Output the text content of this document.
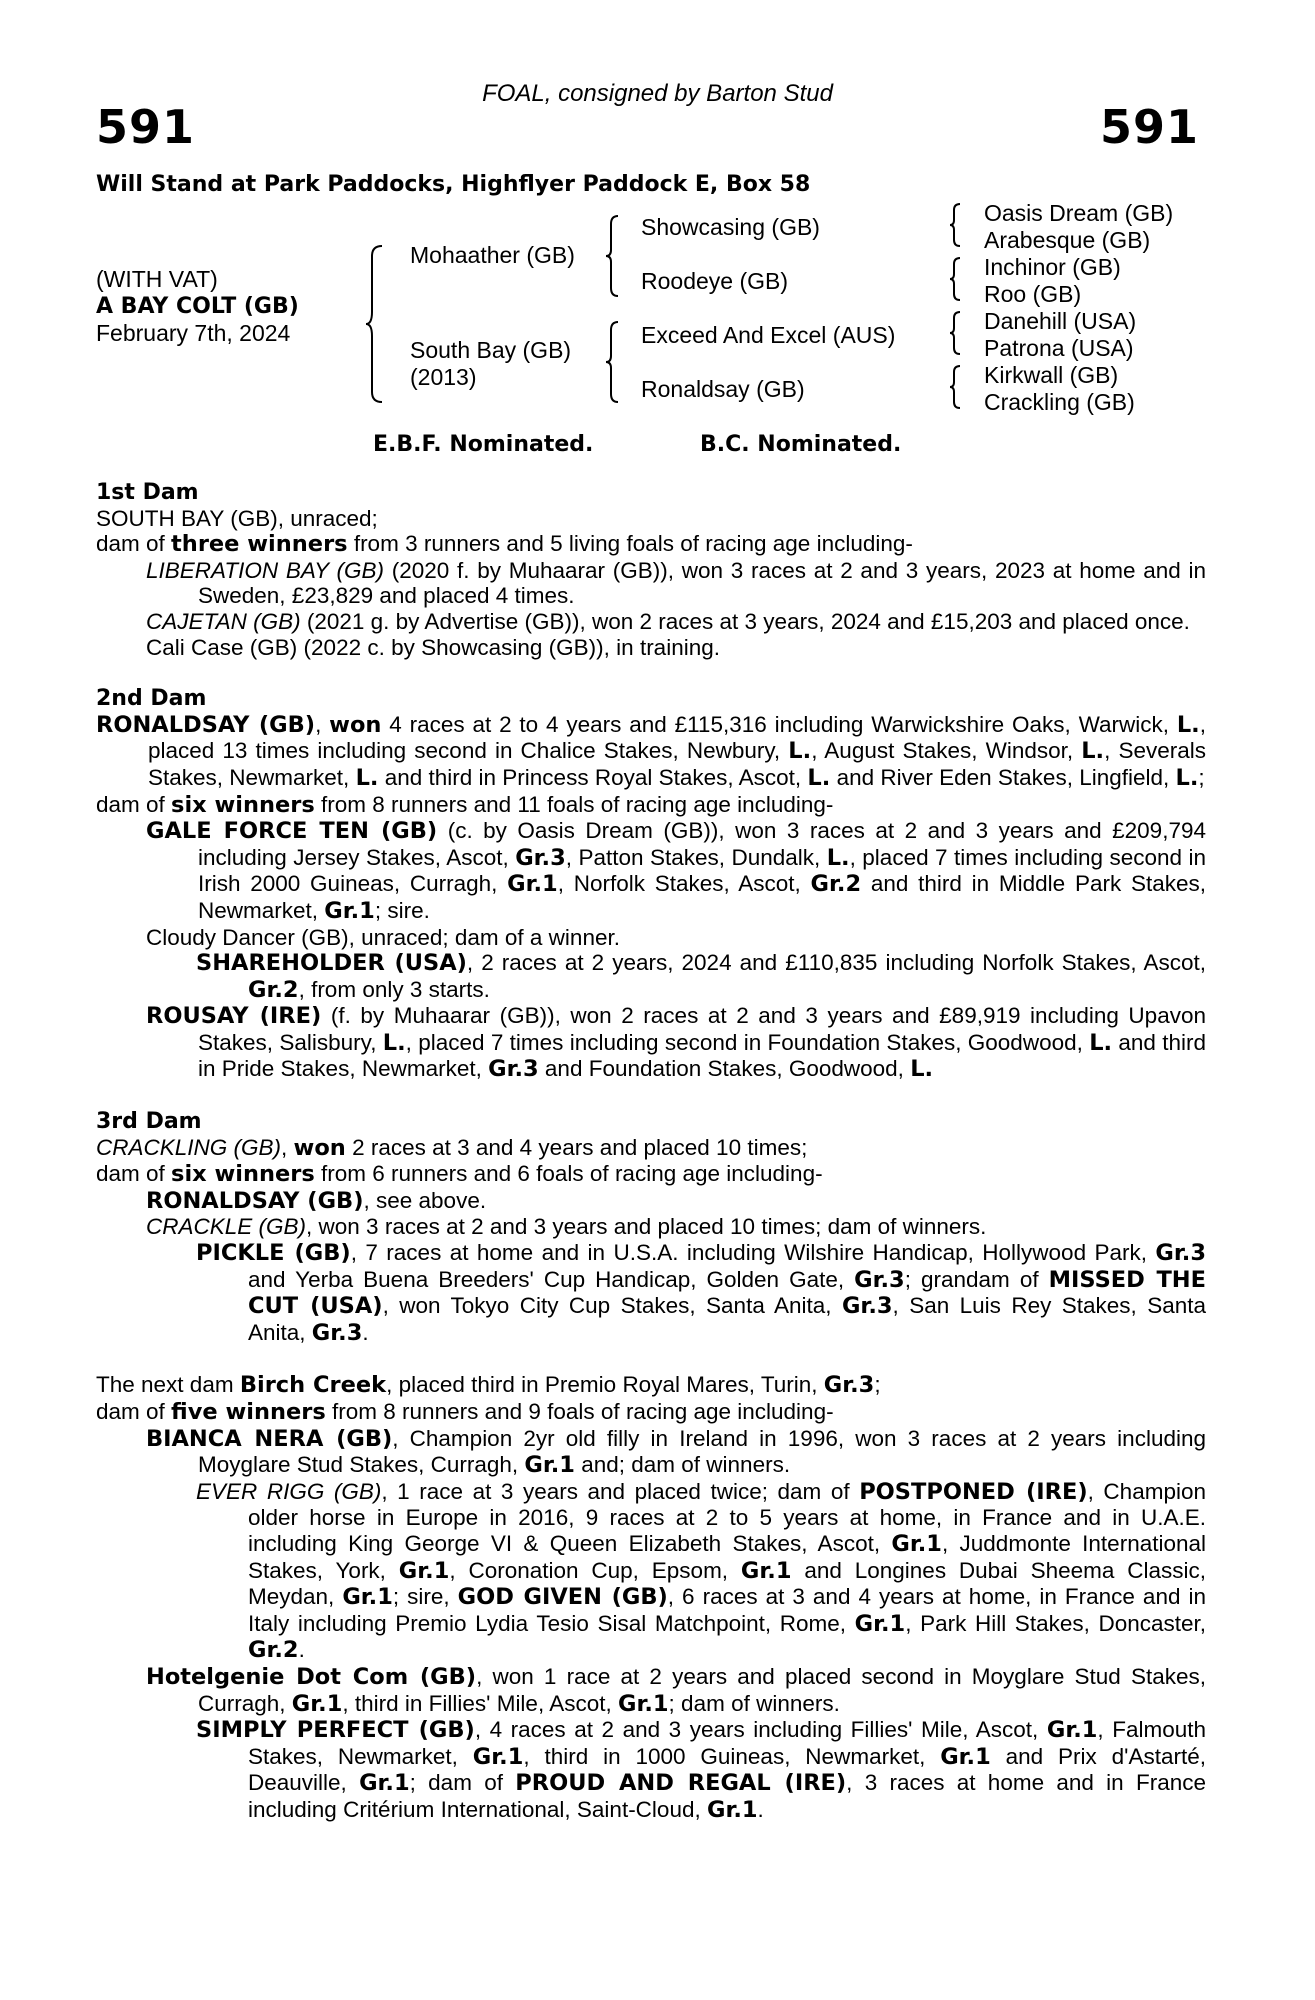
591	591
FOAL, consigned by Barton Stud
Will Stand at Park Paddocks, Highflyer Paddock E, Box 58
(WITH VAT)
A BAY COLT (GB)
February 7th, 2024
Mohaather (GB)
South Bay (GB)
(2013)
Showcasing (GB)
Roodeye (GB)
Exceed And Excel (AUS)
Ronaldsay (GB)
Oasis Dream (GB)
Arabesque (GB)
Inchinor (GB)
Roo (GB)
Danehill (USA)
Patrona (USA)
Kirkwall (GB)
Crackling (GB)
E.B.F. Nominated.	B.C. Nominated.
1st Dam
SOUTH BAY (GB), unraced;
dam of three winners from 3 runners and 5 living foals of racing age including-
LIBERATION BAY (GB) (2020 f. by Muhaarar (GB)), won 3 races at 2 and 3 years, 2023 at home and in Sweden, £23,829 and placed 4 times.
CAJETAN (GB) (2021 g. by Advertise (GB)), won 2 races at 3 years, 2024 and £15,203 and placed once.
Cali Case (GB) (2022 c. by Showcasing (GB)), in training.
2nd Dam
RONALDSAY (GB), won 4 races at 2 to 4 years and £115,316 including Warwickshire Oaks, Warwick, L., placed 13 times including second in Chalice Stakes, Newbury, L., August Stakes, Windsor, L., Severals Stakes, Newmarket, L. and third in Princess Royal Stakes, Ascot, L. and River Eden Stakes, Lingfield, L.;
dam of six winners from 8 runners and 11 foals of racing age including-
GALE FORCE TEN (GB) (c. by Oasis Dream (GB)), won 3 races at 2 and 3 years and £209,794 including Jersey Stakes, Ascot, Gr.3, Patton Stakes, Dundalk, L., placed 7 times including second in Irish 2000 Guineas, Curragh, Gr.1, Norfolk Stakes, Ascot, Gr.2 and third in Middle Park Stakes, Newmarket, Gr.1; sire.
Cloudy Dancer (GB), unraced; dam of a winner.
SHAREHOLDER (USA), 2 races at 2 years, 2024 and £110,835 including Norfolk Stakes, Ascot, Gr.2, from only 3 starts.
ROUSAY (IRE) (f. by Muhaarar (GB)), won 2 races at 2 and 3 years and £89,919 including Upavon Stakes, Salisbury, L., placed 7 times including second in Foundation Stakes, Goodwood, L. and third in Pride Stakes, Newmarket, Gr.3 and Foundation Stakes, Goodwood, L.
3rd Dam
CRACKLING (GB), won 2 races at 3 and 4 years and placed 10 times;
dam of six winners from 6 runners and 6 foals of racing age including-
RONALDSAY (GB), see above.
CRACKLE (GB), won 3 races at 2 and 3 years and placed 10 times; dam of winners.
PICKLE (GB), 7 races at home and in U.S.A. including Wilshire Handicap, Hollywood Park, Gr.3 and Yerba Buena Breeders' Cup Handicap, Golden Gate, Gr.3; grandam of MISSED THE CUT (USA), won Tokyo City Cup Stakes, Santa Anita, Gr.3, San Luis Rey Stakes, Santa Anita, Gr.3.
The next dam Birch Creek, placed third in Premio Royal Mares, Turin, Gr.3;
dam of five winners from 8 runners and 9 foals of racing age including-
BIANCA NERA (GB), Champion 2yr old filly in Ireland in 1996, won 3 races at 2 years including Moyglare Stud Stakes, Curragh, Gr.1 and; dam of winners.
EVER RIGG (GB), 1 race at 3 years and placed twice; dam of POSTPONED (IRE), Champion older horse in Europe in 2016, 9 races at 2 to 5 years at home, in France and in U.A.E. including King George VI & Queen Elizabeth Stakes, Ascot, Gr.1, Juddmonte International Stakes, York, Gr.1, Coronation Cup, Epsom, Gr.1 and Longines Dubai Sheema Classic, Meydan, Gr.1; sire, GOD GIVEN (GB), 6 races at 3 and 4 years at home, in France and in Italy including Premio Lydia Tesio Sisal Matchpoint, Rome, Gr.1, Park Hill Stakes, Doncaster, Gr.2.
Hotelgenie Dot Com (GB), won 1 race at 2 years and placed second in Moyglare Stud Stakes, Curragh, Gr.1, third in Fillies' Mile, Ascot, Gr.1; dam of winners.
SIMPLY PERFECT (GB), 4 races at 2 and 3 years including Fillies' Mile, Ascot, Gr.1, Falmouth Stakes, Newmarket, Gr.1, third in 1000 Guineas, Newmarket, Gr.1 and Prix d'Astarté, Deauville, Gr.1; dam of PROUD AND REGAL (IRE), 3 races at home and in France including Critérium International, Saint-Cloud, Gr.1.
